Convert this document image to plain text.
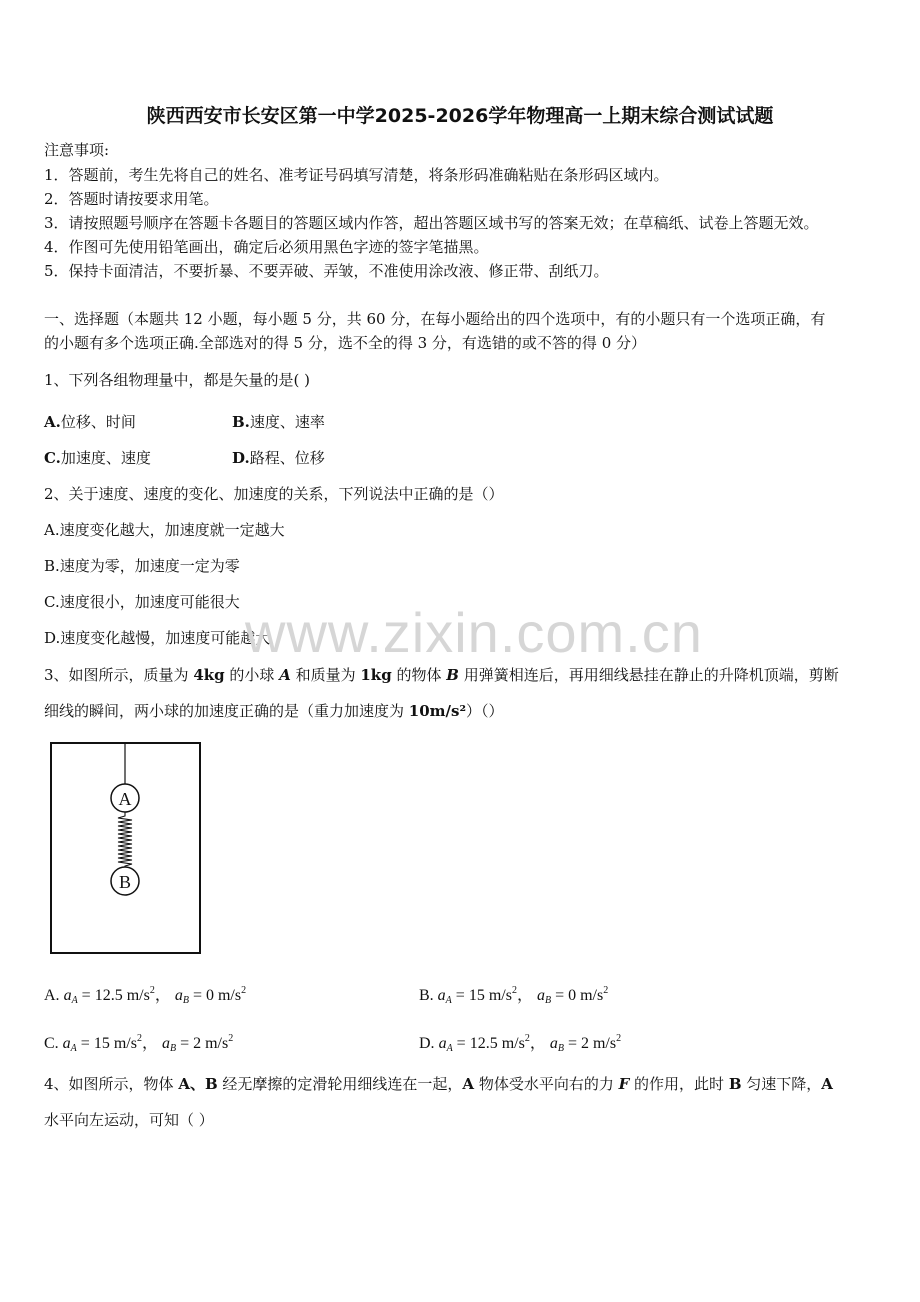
陕西西安市长安区第一中学2025-2026学年物理高一上期末综合测试试题
注意事项:
1．答题前，考生先将自己的姓名、准考证号码填写清楚，将条形码准确粘贴在条形码区域内。
2．答题时请按要求用笔。
3．请按照题号顺序在答题卡各题目的答题区域内作答，超出答题区域书写的答案无效；在草稿纸、试卷上答题无效。
4．作图可先使用铅笔画出，确定后必须用黑色字迹的签字笔描黑。
5．保持卡面清洁，不要折暴、不要弄破、弄皱，不准使用涂改液、修正带、刮纸刀。
一、选择题（本题共 12 小题，每小题 5 分，共 60 分，在每小题给出的四个选项中，有的小题只有一个选项正确，有
的小题有多个选项正确.全部选对的得 5 分，选不全的得 3 分，有选错的或不答的得 0 分）
1、下列各组物理量中，都是矢量的是( )
A.位移、时间	B.速度、速率
C.加速度、速度	D.路程、位移
2、关于速度、速度的变化、加速度的关系，下列说法中正确的是（）
A.速度变化越大，加速度就一定越大
B.速度为零，加速度一定为零
C.速度很小，加速度可能很大
D.速度变化越慢，加速度可能越大
www.zixin.com.cn
3、如图所示，质量为 4kg 的小球 A 和质量为 1kg 的物体 B 用弹簧相连后，再用细线悬挂在静止的升降机顶端，剪断
细线的瞬间，两小球的加速度正确的是（重力加速度为 10m/s²）（）
A
B
A. $a_A = 12.5$ $m/s^2$， $a_B = 0$ $m/s^2$	B. $a_A = 15$ $m/s^2$， $a_B = 0$ $m/s^2$
C. $a_A = 15$ $m/s^2$， $a_B = 2$ $m/s^2$	D. $a_A = 12.5$ $m/s^2$， $a_B = 2$ $m/s^2$
4、如图所示，物体 A、B 经无摩擦的定滑轮用细线连在一起，A 物体受水平向右的力 F 的作用，此时 B 匀速下降，A
水平向左运动，可知（ ）
